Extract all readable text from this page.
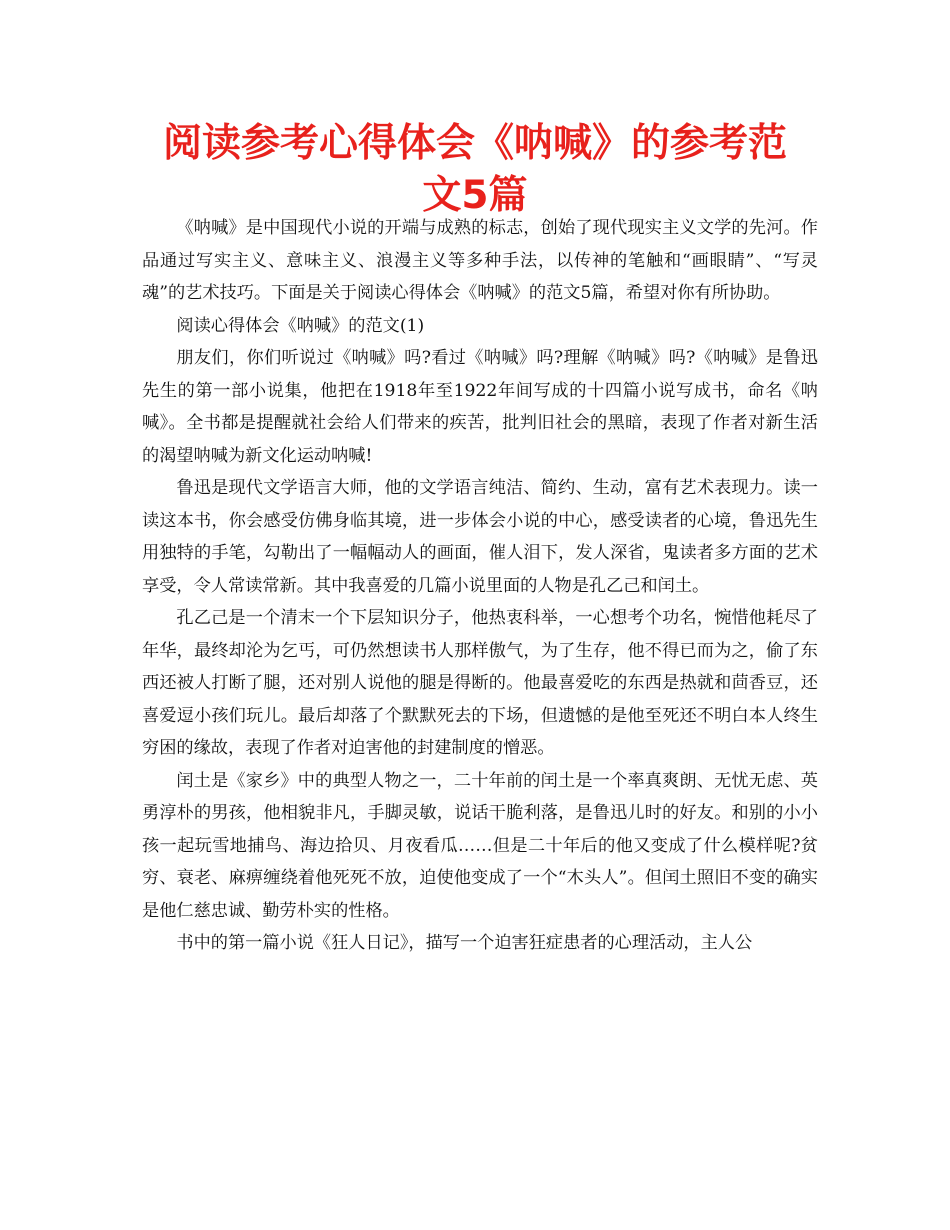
阅读参考心得体会《呐喊》的参考范文5篇

《呐喊》是中国现代小说的开端与成熟的标志，创始了现代现实主义文学的先河。作品通过写实主义、意味主义、浪漫主义等多种手法，以传神的笔触和“画眼睛”、“写灵魂”的艺术技巧。下面是关于阅读心得体会《呐喊》的范文5篇，希望对你有所协助。

阅读心得体会《呐喊》的范文(1)

朋友们，你们听说过《呐喊》吗?看过《呐喊》吗?理解《呐喊》吗?《呐喊》是鲁迅先生的第一部小说集，他把在1918年至1922年间写成的十四篇小说写成书，命名《呐喊》。全书都是提醒就社会给人们带来的疾苦，批判旧社会的黑暗，表现了作者对新生活的渴望呐喊为新文化运动呐喊!

鲁迅是现代文学语言大师，他的文学语言纯洁、简约、生动，富有艺术表现力。读一读这本书，你会感受仿佛身临其境，进一步体会小说的中心，感受读者的心境，鲁迅先生用独特的手笔，勾勒出了一幅幅动人的画面，催人泪下，发人深省，鬼读者多方面的艺术享受，令人常读常新。其中我喜爱的几篇小说里面的人物是孔乙己和闰土。

孔乙己是一个清末一个下层知识分子，他热衷科举，一心想考个功名，惋惜他耗尽了年华，最终却沦为乞丐，可仍然想读书人那样傲气，为了生存，他不得已而为之，偷了东西还被人打断了腿，还对别人说他的腿是得断的。他最喜爱吃的东西是热就和茴香豆，还喜爱逗小孩们玩儿。最后却落了个默默死去的下场，但遗憾的是他至死还不明白本人终生穷困的缘故，表现了作者对迫害他的封建制度的憎恶。

闰土是《家乡》中的典型人物之一，二十年前的闰土是一个率真爽朗、无忧无虑、英勇淳朴的男孩，他相貌非凡，手脚灵敏，说话干脆利落，是鲁迅儿时的好友。和别的小小孩一起玩雪地捕鸟、海边拾贝、月夜看瓜……但是二十年后的他又变成了什么模样呢?贫穷、衰老、麻痹缠绕着他死死不放，迫使他变成了一个“木头人”。但闰土照旧不变的确实是他仁慈忠诚、勤劳朴实的性格。

书中的第一篇小说《狂人日记》，描写一个迫害狂症患者的心理活动，主人公
